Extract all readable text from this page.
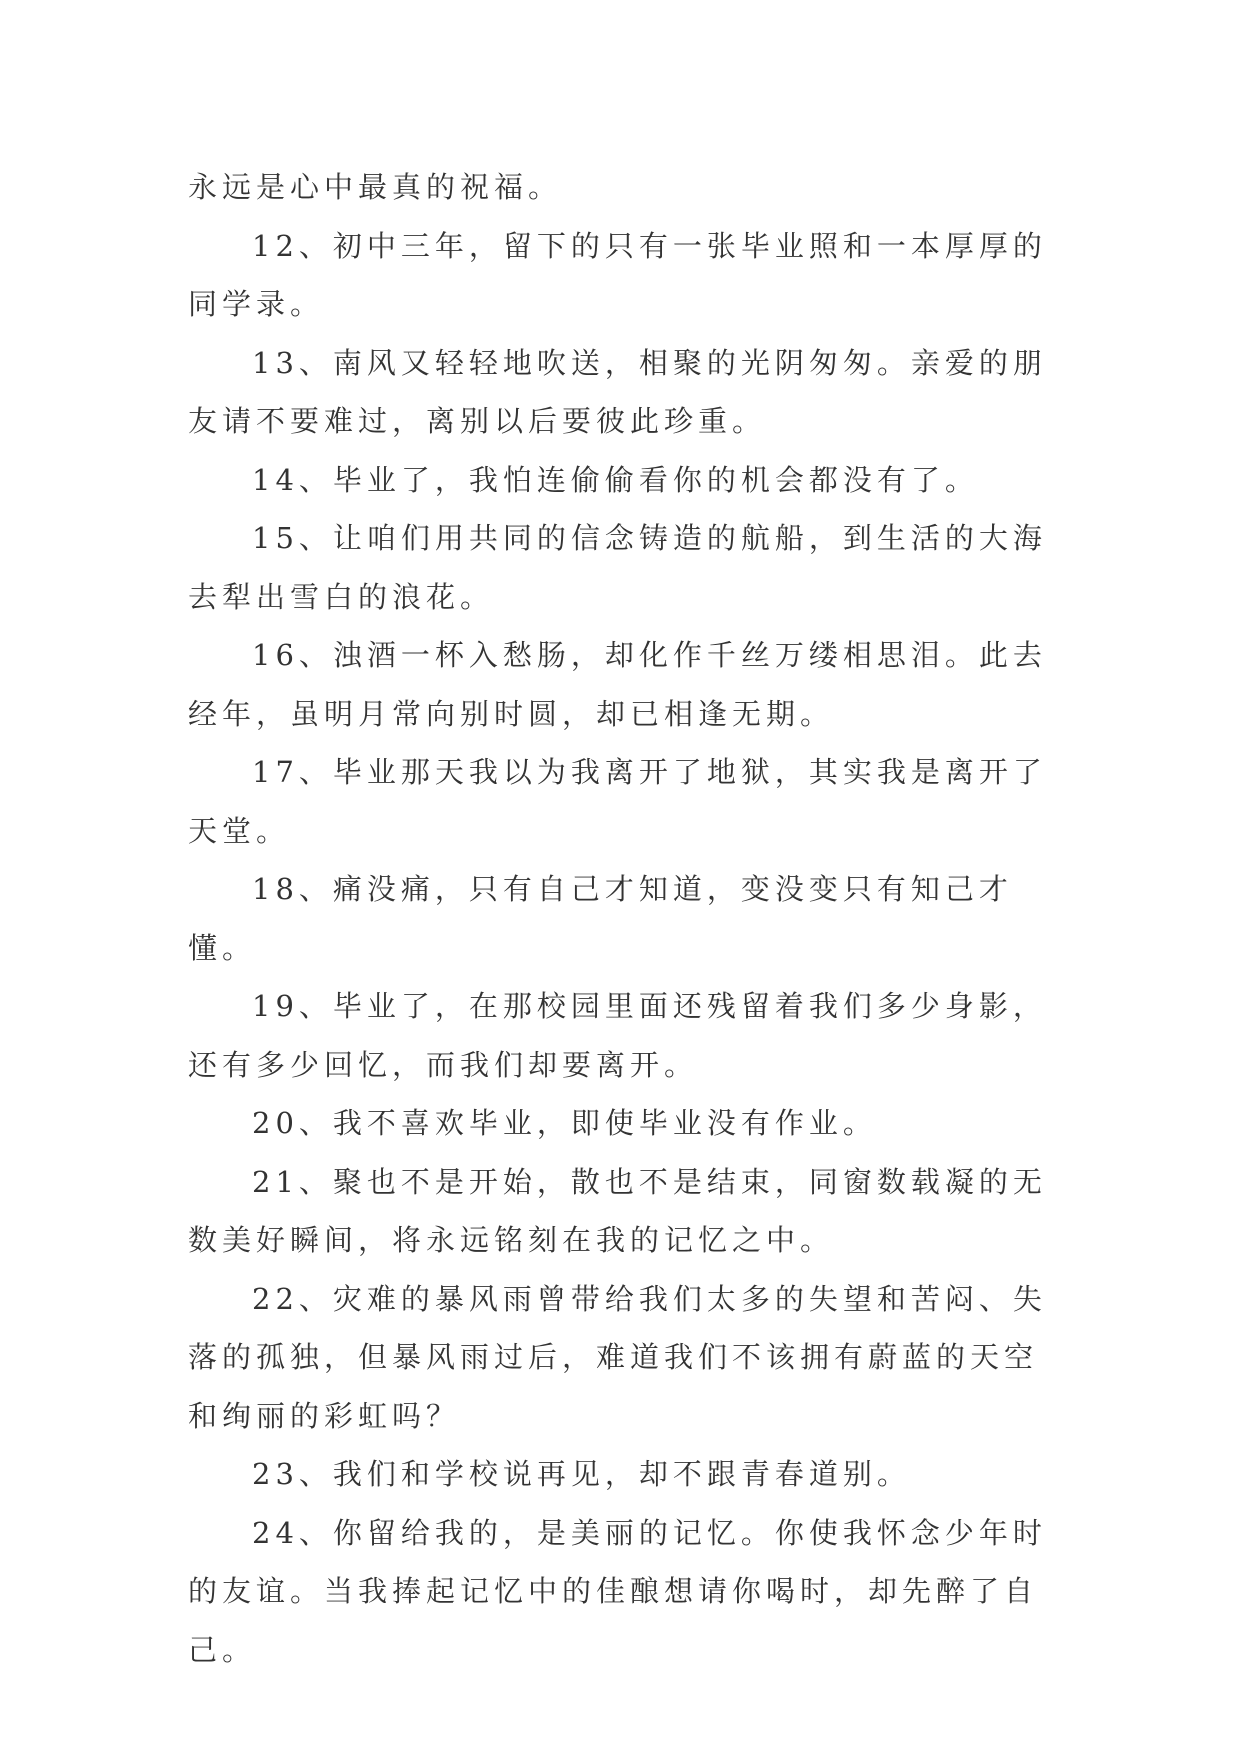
永远是心中最真的祝福。

12、初中三年，留下的只有一张毕业照和一本厚厚的同学录。

13、南风又轻轻地吹送，相聚的光阴匆匆。亲爱的朋友请不要难过，离别以后要彼此珍重。

14、毕业了，我怕连偷偷看你的机会都没有了。

15、让咱们用共同的信念铸造的航船，到生活的大海去犁出雪白的浪花。

16、浊酒一杯入愁肠，却化作千丝万缕相思泪。此去经年，虽明月常向别时圆，却已相逢无期。

17、毕业那天我以为我离开了地狱，其实我是离开了天堂。

18、痛没痛，只有自己才知道，变没变只有知己才懂。

19、毕业了，在那校园里面还残留着我们多少身影，还有多少回忆，而我们却要离开。

20、我不喜欢毕业，即使毕业没有作业。

21、聚也不是开始，散也不是结束，同窗数载凝的无数美好瞬间，将永远铭刻在我的记忆之中。

22、灾难的暴风雨曾带给我们太多的失望和苦闷、失落的孤独，但暴风雨过后，难道我们不该拥有蔚蓝的天空和绚丽的彩虹吗？

23、我们和学校说再见，却不跟青春道别。

24、你留给我的，是美丽的记忆。你使我怀念少年时的友谊。当我捧起记忆中的佳酿想请你喝时，却先醉了自己。
